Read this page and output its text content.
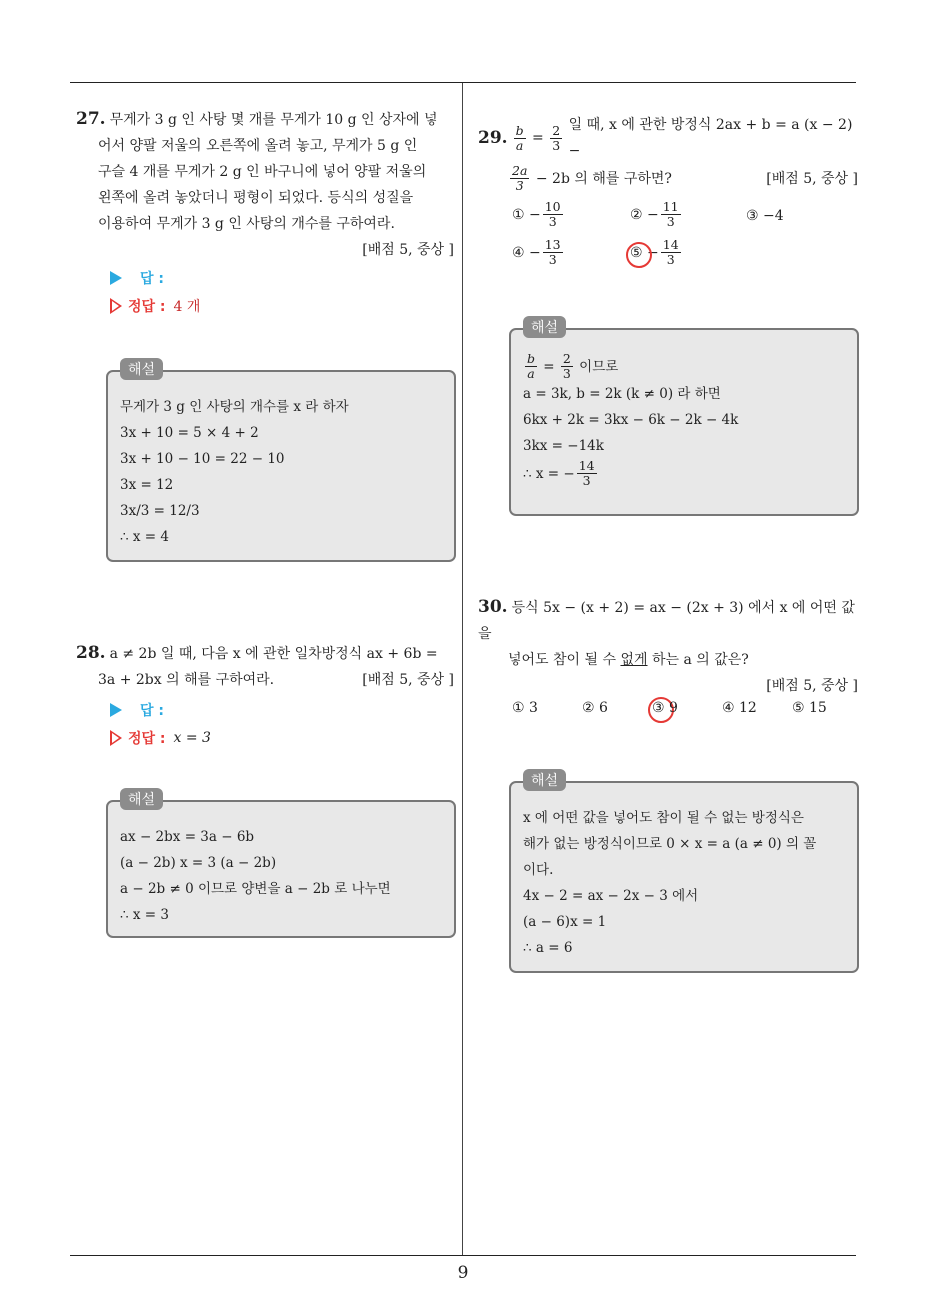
9
27. 무게가 3 g 인 사탕 몇 개를 무게가 10 g 인 상자에 넣
어서 양팔 저울의 오른쪽에 올려 놓고, 무게가 5 g 인
구슬 4 개를 무게가 2 g 인 바구니에 넣어 양팔 저울의
왼쪽에 올려 놓았더니 평형이 되었다. 등식의 성질을
이용하여 무게가 3 g 인 사탕의 개수를 구하여라.
[배점 5, 중상 ]
답 :
정답 : 4 개
해설
무게가 3 g 인 사탕의 개수를 x 라 하자
3x + 10 = 5 × 4 + 2
3x + 10 − 10 = 22 − 10
3x = 12
3x/3 = 12/3
∴ x = 4
28. a ≠ 2b 일 때, 다음 x 에 관한 일차방정식 ax + 6b =
3a + 2bx 의 해를 구하여라.	[배점 5, 중상 ]
답 :
정답 : x = 3
해설
ax − 2bx = 3a − 6b
(a − 2b) x = 3 (a − 2b)
a − 2b ≠ 0 이므로 양변을 a − 2b 로 나누면
∴ x = 3
29. $\frac{b}{a} = \frac{2}{3}$
일 때, x 에 관한 방정식 2ax + b = a (x − 2) −
$\frac{2a}{3}$
− 2b 의 해를 구하면?	[배점 5, 중상 ]
① − $\frac{10}{3}$	② − $\frac{11}{3}$	③ −4
④ − $\frac{13}{3}$	⑤ − $\frac{14}{3}$
해설
$\frac{b}{a} = \frac{2}{3}$ 이므로
a = 3k, b = 2k (k ≠ 0) 라 하면
6kx + 2k = 3kx − 6k − 2k − 4k
3kx = −14k
∴ x = − $\frac{14}{3}$
30. 등식 5x − (x + 2) = ax − (2x + 3) 에서 x 에 어떤 값을
넣어도 참이 될 수 없게 하는 a 의 값은?
[배점 5, 중상 ]
① 3	② 6	③ 9	④ 12	⑤ 15
해설
x 에 어떤 값을 넣어도 참이 될 수 없는 방정식은
해가 없는 방정식이므로 0 × x = a (a ≠ 0) 의 꼴
이다.
4x − 2 = ax − 2x − 3 에서
(a − 6)x = 1
∴ a = 6
